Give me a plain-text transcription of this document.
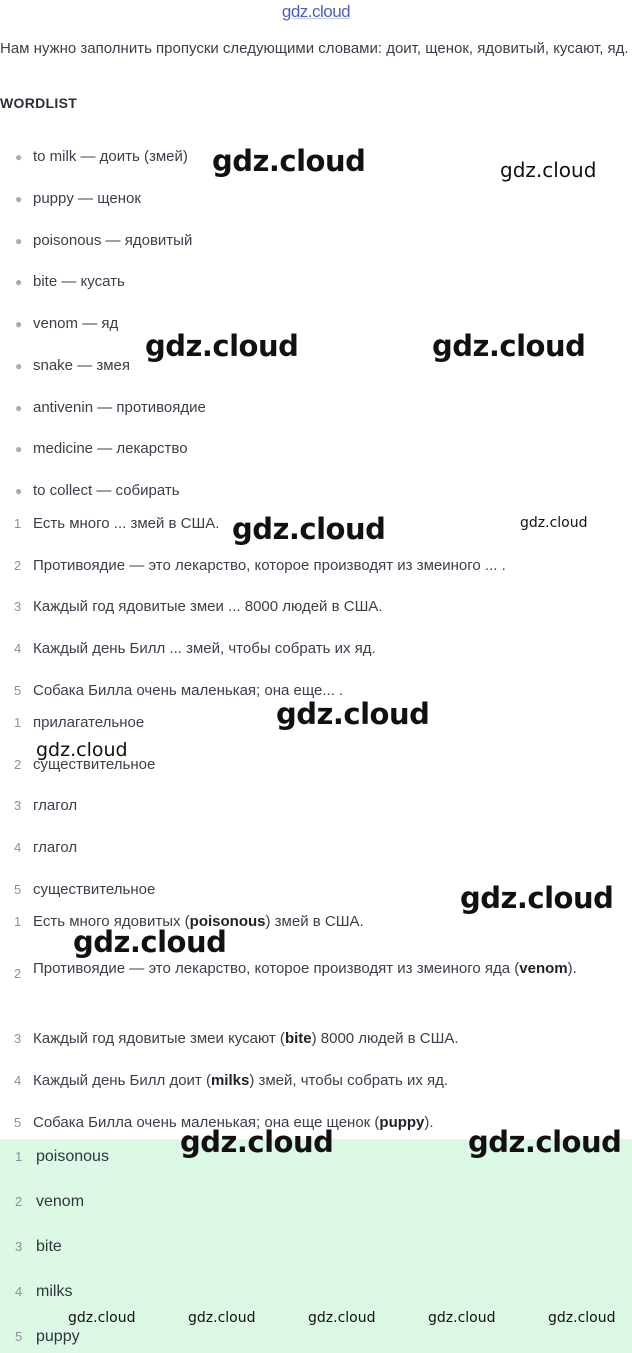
gdz.cloud
Нам нужно заполнить пропуски следующими словами: доит, щенок, ядовитый, кусают, яд.
WORDLIST
● to milk — доить (змей)
● puppy — щенок
● poisonous — ядовитый
● bite — кусать
● venom — яд
● snake — змея
● antivenin — противоядие
● medicine — лекарство
● to collect — собирать
1 Есть много ... змей в США.
2 Противоядие — это лекарство, которое производят из змеиного ... .
3 Каждый год ядовитые змеи ... 8000 людей в США.
4 Каждый день Билл ... змей, чтобы собрать их яд.
5 Собака Билла очень маленькая; она еще... .
1 прилагательное
2 существительное
3 глагол
4 глагол
5 существительное
1 Есть много ядовитых (poisonous) змей в США.
2 Противоядие — это лекарство, которое производят из змеиного яда (venom).
3 Каждый год ядовитые змеи кусают (bite) 8000 людей в США.
4 Каждый день Билл доит (milks) змей, чтобы собрать их яд.
5 Собака Билла очень маленькая; она еще щенок (puppy).
1 poisonous
2 venom
3 bite
4 milks
5 puppy
gdz.cloud	gdz.cloud
gdz.cloud	gdz.cloud
gdz.cloud	gdz.cloud
gdz.cloud
gdz.cloud
gdz.cloud
gdz.cloud
gdz.cloud	gdz.cloud
gdz.cloud	gdz.cloud	gdz.cloud	gdz.cloud	gdz.cloud
